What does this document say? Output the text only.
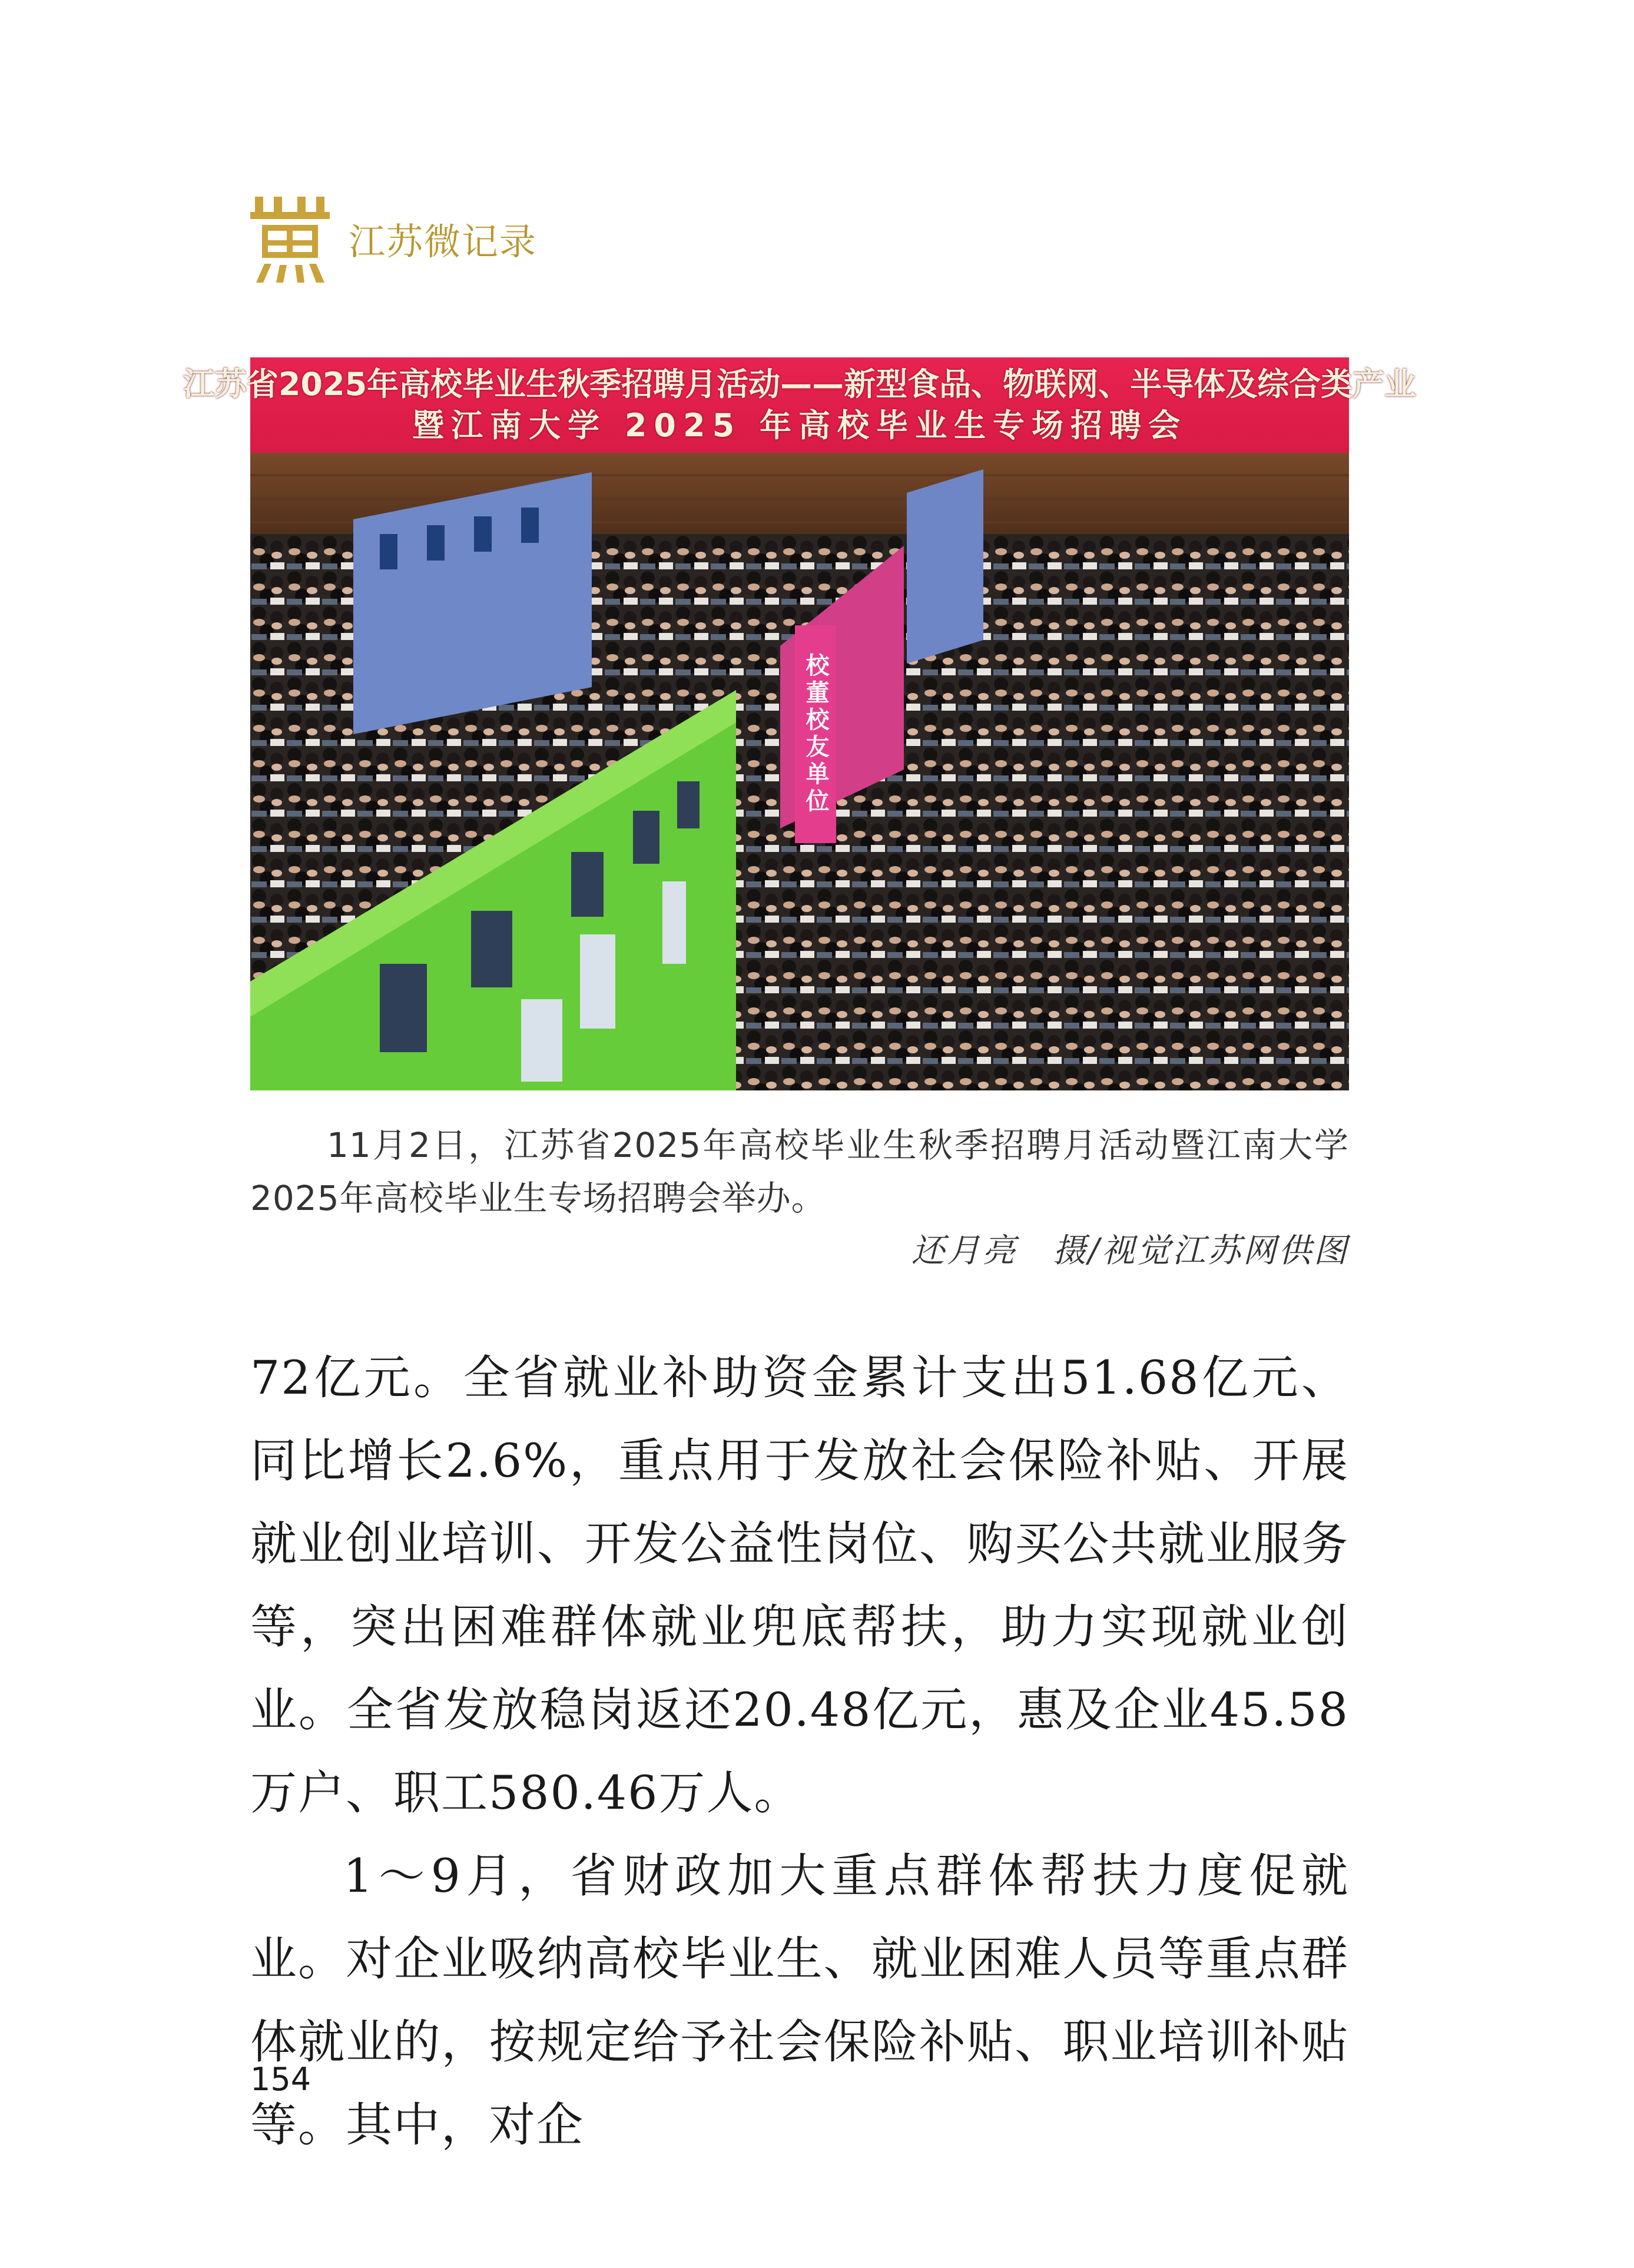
江苏微记录
江苏省2025年高校毕业生秋季招聘月活动——新型食品、物联网、半导体及综合类产业
暨江南大学 2025 年高校毕业生专场招聘会
校董校友单位

11月2日，江苏省2025年高校毕业生秋季招聘月活动暨江南大学2025年高校毕业生专场招聘会举办。

还月亮　摄/视觉江苏网供图

72亿元。全省就业补助资金累计支出51.68亿元、同比增长2.6%，重点用于发放社会保险补贴、开展就业创业培训、开发公益性岗位、购买公共就业服务等，突出困难群体就业兜底帮扶，助力实现就业创业。全省发放稳岗返还20.48亿元，惠及企业45.58万户、职工580.46万人。

1～9月，省财政加大重点群体帮扶力度促就业。对企业吸纳高校毕业生、就业困难人员等重点群体就业的，按规定给予社会保险补贴、职业培训补贴等。其中，对企

154
